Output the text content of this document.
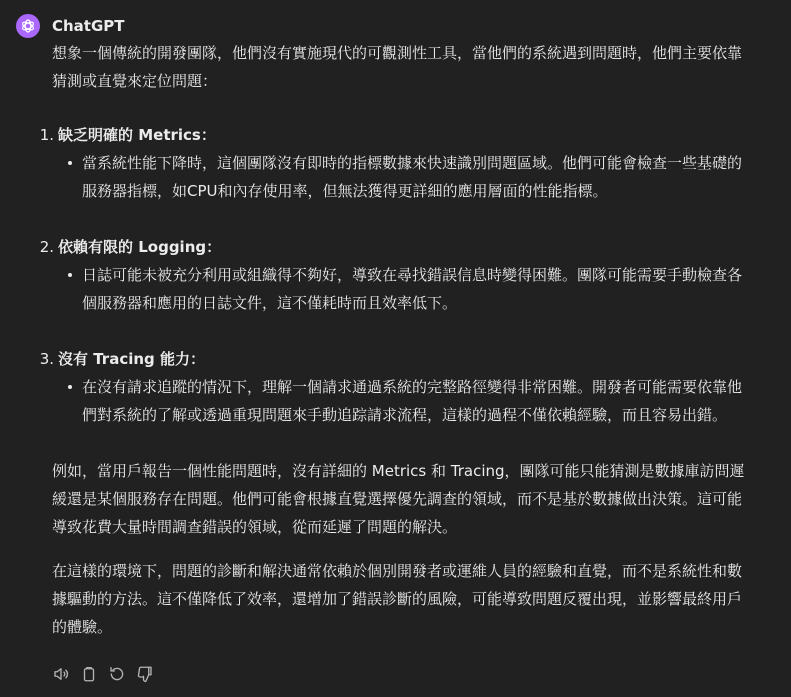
ChatGPT

想象一個傳統的開發團隊，他們沒有實施現代的可觀測性工具，當他們的系統遇到問題時，他們主要依靠猜測或直覺來定位問題：

1. 缺乏明確的 Metrics：
當系統性能下降時，這個團隊沒有即時的指標數據來快速識別問題區域。他們可能會檢查一些基礎的服務器指標，如CPU和內存使用率，但無法獲得更詳細的應用層面的性能指標。
2. 依賴有限的 Logging：
日誌可能未被充分利用或組織得不夠好，導致在尋找錯誤信息時變得困難。團隊可能需要手動檢查各個服務器和應用的日誌文件，這不僅耗時而且效率低下。
3. 沒有 Tracing 能力：
在沒有請求追蹤的情況下，理解一個請求通過系統的完整路徑變得非常困難。開發者可能需要依靠他們對系統的了解或透過重現問題來手動追踪請求流程，這樣的過程不僅依賴經驗，而且容易出錯。

例如，當用戶報告一個性能問題時，沒有詳細的 Metrics 和 Tracing，團隊可能只能猜測是數據庫訪問遲緩還是某個服務存在問題。他們可能會根據直覺選擇優先調查的領域，而不是基於數據做出決策。這可能導致花費大量時間調查錯誤的領域，從而延遲了問題的解決。

在這樣的環境下，問題的診斷和解決通常依賴於個別開發者或運維人員的經驗和直覺，而不是系統性和數據驅動的方法。這不僅降低了效率，還增加了錯誤診斷的風險，可能導致問題反覆出現，並影響最終用戶的體驗。
